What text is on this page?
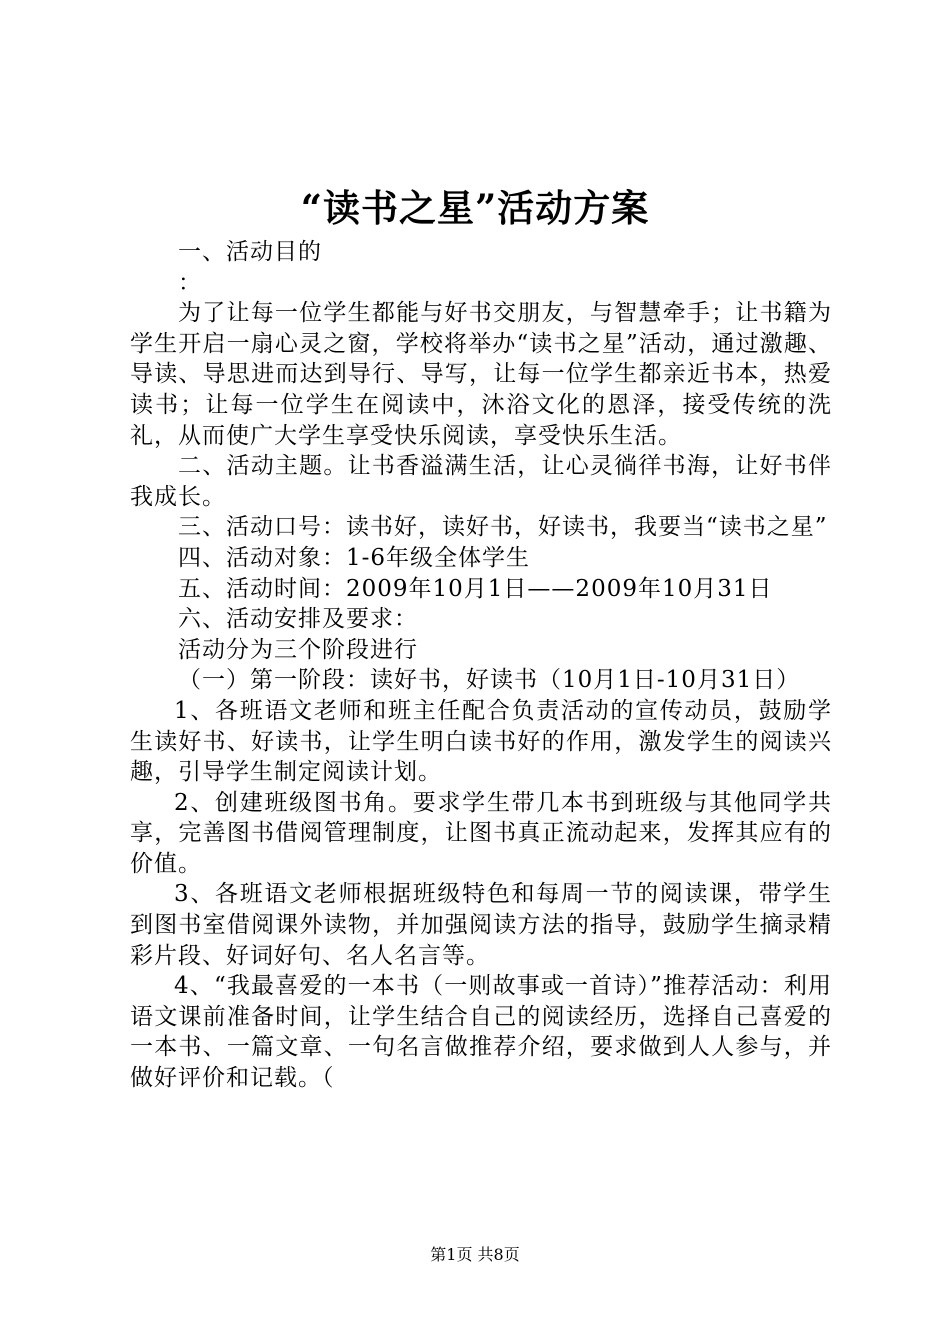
“读书之星”活动方案

一、活动目的

：

为了让每一位学生都能与好书交朋友，与智慧牵手；让书籍为学生开启一扇心灵之窗，学校将举办“读书之星”活动，通过激趣、导读、导思进而达到导行、导写，让每一位学生都亲近书本，热爱读书；让每一位学生在阅读中，沐浴文化的恩泽，接受传统的洗礼，从而使广大学生享受快乐阅读，享受快乐生活。

二、活动主题。让书香溢满生活，让心灵徜徉书海，让好书伴我成长。

三、活动口号：读书好，读好书，好读书，我要当“读书之星”

四、活动对象：1-6年级全体学生

五、活动时间：2009年10月1日——2009年10月31日

六、活动安排及要求：

活动分为三个阶段进行

（一）第一阶段：读好书，好读书（10月1日-10月31日）

1、各班语文老师和班主任配合负责活动的宣传动员，鼓励学生读好书、好读书，让学生明白读书好的作用，激发学生的阅读兴趣，引导学生制定阅读计划。

2、创建班级图书角。要求学生带几本书到班级与其他同学共享，完善图书借阅管理制度，让图书真正流动起来，发挥其应有的价值。

3、各班语文老师根据班级特色和每周一节的阅读课，带学生到图书室借阅课外读物，并加强阅读方法的指导，鼓励学生摘录精彩片段、好词好句、名人名言等。

4、“我最喜爱的一本书（一则故事或一首诗）”推荐活动：利用语文课前准备时间，让学生结合自己的阅读经历，选择自己喜爱的一本书、一篇文章、一句名言做推荐介绍，要求做到人人参与，并做好评价和记载。（

第1页 共8页
